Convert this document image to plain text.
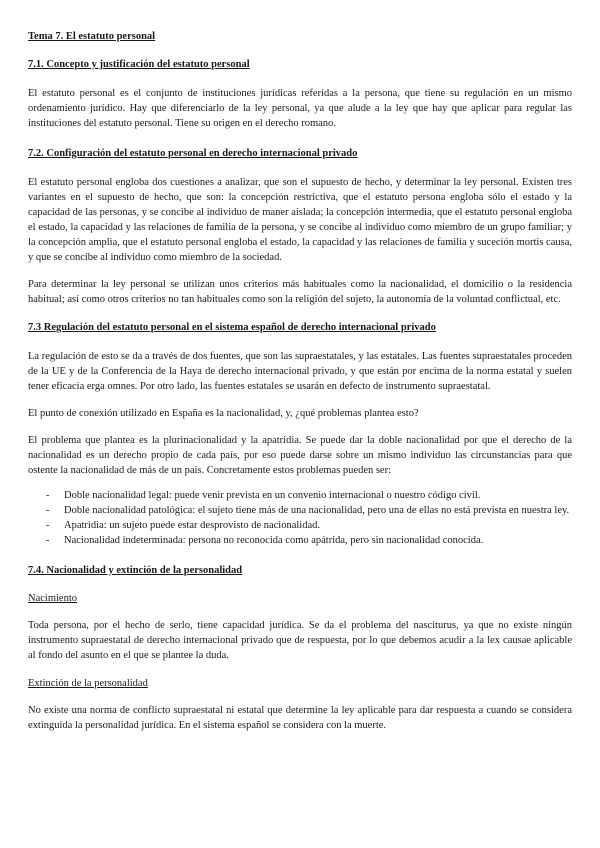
Tema 7. El estatuto personal
7.1. Concepto y justificación del estatuto personal

El estatuto personal es el conjunto de instituciones jurídicas referidas a la persona, que tiene su regulación en un mismo ordenamiento jurídico. Hay que diferenciarlo de la ley personal, ya que alude a la ley que hay que aplicar para regular las instituciones del estatuto personal. Tiene su origen en el derecho romano.

7.2. Configuración del estatuto personal en derecho internacional privado

El estatuto personal engloba dos cuestiones a analizar, que son el supuesto de hecho, y determinar la ley personal. Existen tres variantes en el supuesto de hecho, que son: la concepción restrictiva, que el estatuto persona engloba sólo el estado y la capacidad de las personas, y se concibe al individuo de maner aislada; la concepción intermedia, que el estatuto personal engloba el estado, la capacidad y las relaciones de familia de la persona, y se concibe al individuo como miembro de un grupo familiar; y la concepción amplia, que el estatuto personal engloba el estado, la capacidad y las relaciones de familia y suceción mortis causa, y que se concibe al individuo como miembro de la sociedad.

Para determinar la ley personal se utilizan unos criterios más habituales como la nacionalidad, el domicilio o la residencia habitual; así como otros criterios no tan habituales como son la religión del sujeto, la autonomía de la voluntad conflictual, etc.

7.3 Regulación del estatuto personal en el sistema español de derecho internacional privado

La regulación de esto se da a través de dos fuentes, que son las supraestatales, y las estatales. Las fuentes supraestatales proceden de la UE y de la Conferencia de la Haya de derecho internacional privado, y que están por encima de la norma estatal y suelen tener eficacia erga omnes. Por otro lado, las fuentes estatales se usarán en defecto de instrumento supraestatal.

El punto de conexión utilizado en España es la nacionalidad, y, ¿qué problemas plantea esto?

El problema que plantea es la plurinacionalidad y la apatridia. Se puede dar la doble nacionalidad por que el derecho de la nacionalidad es un derecho propio de cada país, por eso puede darse sobre un mismo individuo las circunstancias para que ostente la nacionalidad de más de un país. Concretamente estos problemas pueden ser:

- Doble nacionalidad legal: puede venir prevista en un convenio internacional o nuestro código civil.
- Doble nacionalidad patológica: el sujeto tiene más de una nacionalidad, pero una de ellas no está prevista en nuestra ley.
- Apatridia: un sujeto puede estar desprovisto de nacionalidad.
- Nacionalidad indeterminada: persona no reconocida como apátrida, pero sin nacionalidad conocida.
7.4. Nacionalidad y extinción de la personalidad
Nacimiento

Toda persona, por el hecho de serlo, tiene capacidad jurídica. Se da el problema del nasciturus, ya que no existe ningún instrumento supraestatal de derecho internacional privado que de respuesta, por lo que debemos acudir a la lex causae aplicable al fondo del asunto en el que se plantee la duda.

Extinción de la personalidad

No existe una norma de conflicto supraestatal ni estatal que determine la ley aplicable para dar respuesta a cuando se considera extinguida la personalidad jurídica. En el sistema español se considera con la muerte.
